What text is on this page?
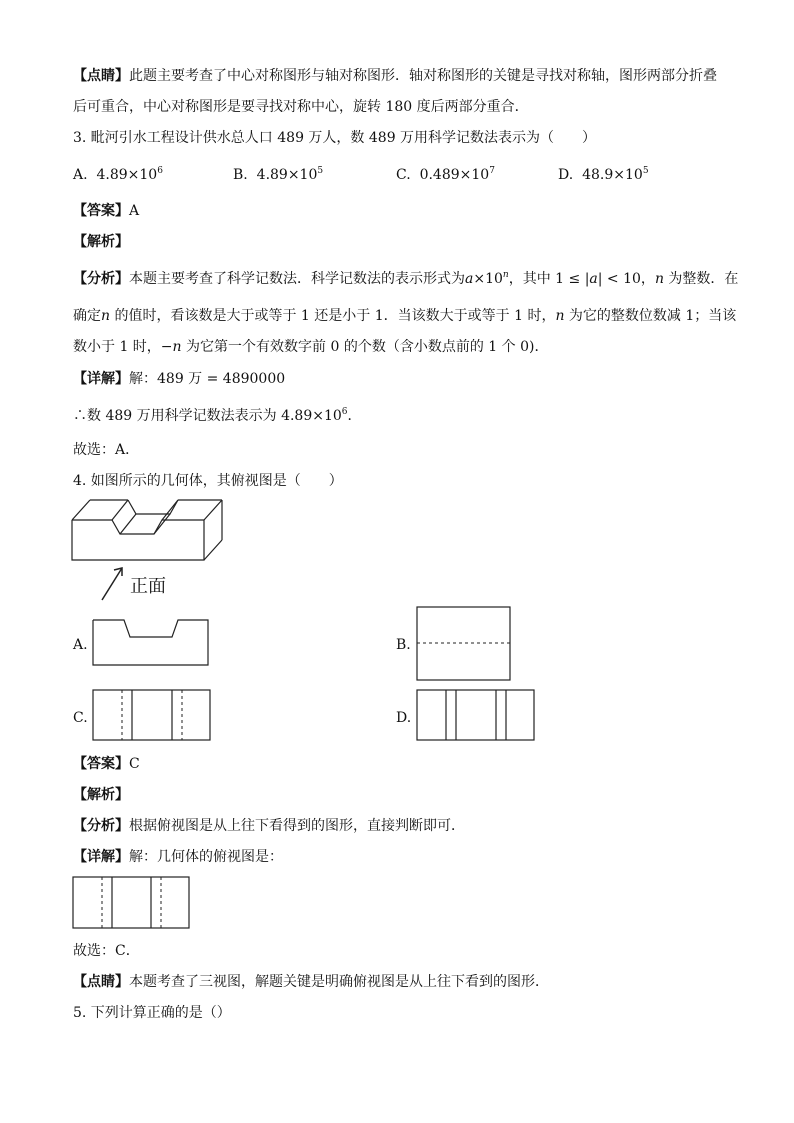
【点睛】此题主要考查了中心对称图形与轴对称图形．轴对称图形的关键是寻找对称轴，图形两部分折叠
后可重合，中心对称图形是要寻找对称中心，旋转 180 度后两部分重合．
3. 毗河引水工程设计供水总人口 489 万人，数 489 万用科学记数法表示为（　　）
A. $4.89\times 10^6$	B. $4.89\times 10^5$	C. $0.489\times 10^7$	D. $48.9\times 10^5$
【答案】A
【解析】
【分析】本题主要考查了科学记数法．科学记数法的表示形式为$a\times 10^n$，其中 1 ≤ |a| < 10，n 为整数．在
确定n 的值时，看该数是大于或等于 1 还是小于 1．当该数大于或等于 1 时，n 为它的整数位数减 1；当该
数小于 1 时，−n 为它第一个有效数字前 0 的个数（含小数点前的 1 个 0)．
【详解】解：489 万 = 4890000
∴数 489 万用科学记数法表示为 $4.89\times 10^6$．
故选：A．
4. 如图所示的几何体，其俯视图是（　　）
正面
A.	B.
C.	D.
【答案】C
【解析】
【分析】根据俯视图是从上往下看得到的图形，直接判断即可．
【详解】解：几何体的俯视图是：
故选：C．
【点睛】本题考查了三视图，解题关键是明确俯视图是从上往下看到的图形．
5. 下列计算正确的是（）
